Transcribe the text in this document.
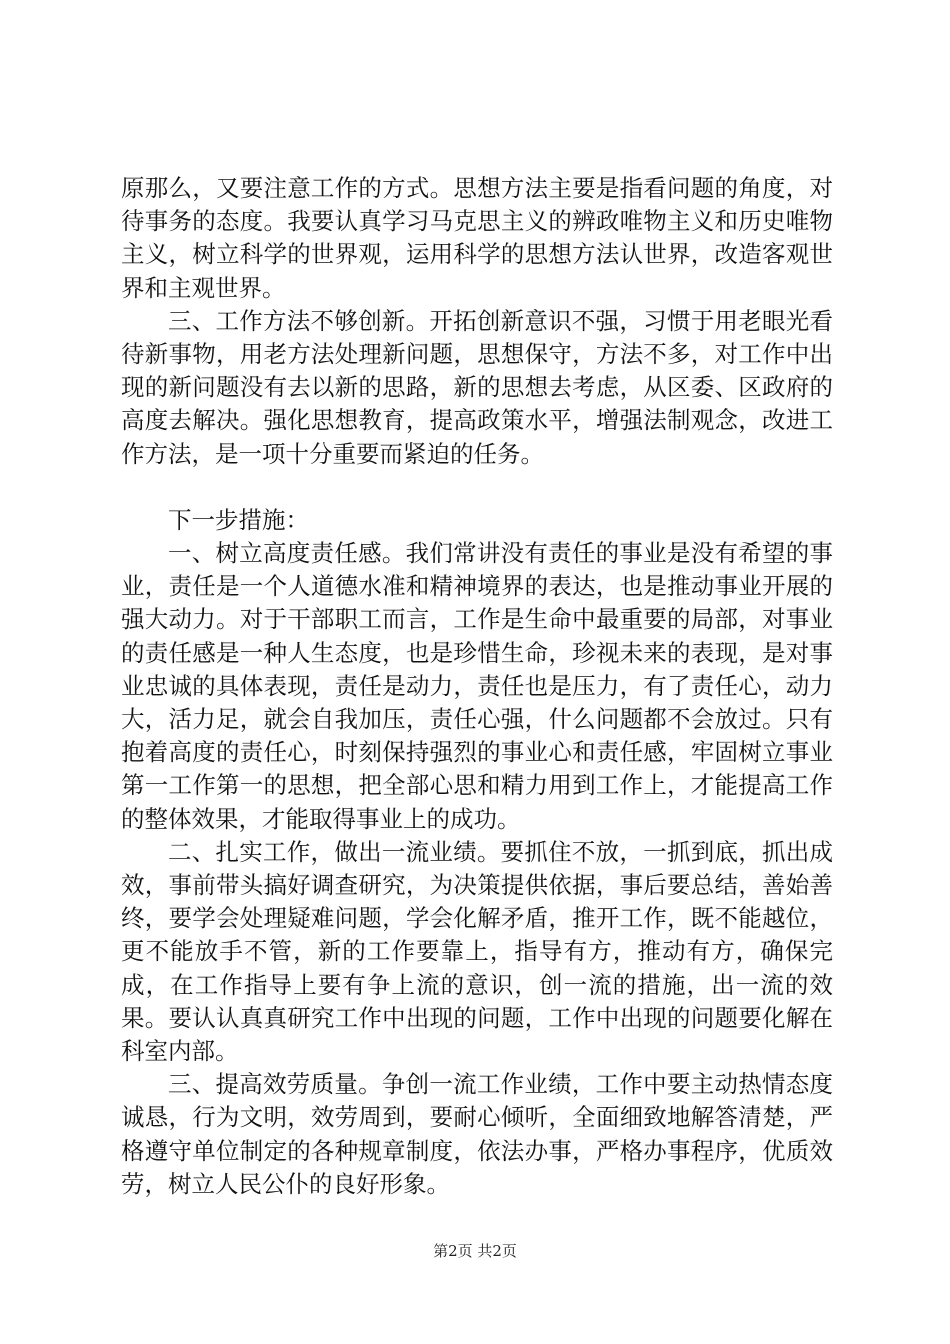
原那么，又要注意工作的方式。思想方法主要是指看问题的角度，对待事务的态度。我要认真学习马克思主义的辨政唯物主义和历史唯物主义，树立科学的世界观，运用科学的思想方法认世界，改造客观世界和主观世界。

三、工作方法不够创新。开拓创新意识不强，习惯于用老眼光看待新事物，用老方法处理新问题，思想保守，方法不多，对工作中出现的新问题没有去以新的思路，新的思想去考虑，从区委、区政府的高度去解决。强化思想教育，提高政策水平，增强法制观念，改进工作方法，是一项十分重要而紧迫的任务。

下一步措施：

一、树立高度责任感。我们常讲没有责任的事业是没有希望的事业，责任是一个人道德水准和精神境界的表达，也是推动事业开展的强大动力。对于干部职工而言，工作是生命中最重要的局部，对事业的责任感是一种人生态度，也是珍惜生命，珍视未来的表现，是对事业忠诚的具体表现，责任是动力，责任也是压力，有了责任心，动力大，活力足，就会自我加压，责任心强，什么问题都不会放过。只有抱着高度的责任心，时刻保持强烈的事业心和责任感，牢固树立事业第一工作第一的思想，把全部心思和精力用到工作上，才能提高工作的整体效果，才能取得事业上的成功。

二、扎实工作，做出一流业绩。要抓住不放，一抓到底，抓出成效，事前带头搞好调查研究，为决策提供依据，事后要总结，善始善终，要学会处理疑难问题，学会化解矛盾，推开工作，既不能越位，更不能放手不管，新的工作要靠上，指导有方，推动有方，确保完成，在工作指导上要有争上流的意识，创一流的措施，出一流的效果。要认认真真研究工作中出现的问题，工作中出现的问题要化解在科室内部。

三、提高效劳质量。争创一流工作业绩，工作中要主动热情态度诚恳，行为文明，效劳周到，要耐心倾听，全面细致地解答清楚，严格遵守单位制定的各种规章制度，依法办事，严格办事程序，优质效劳，树立人民公仆的良好形象。

第2页 共2页
